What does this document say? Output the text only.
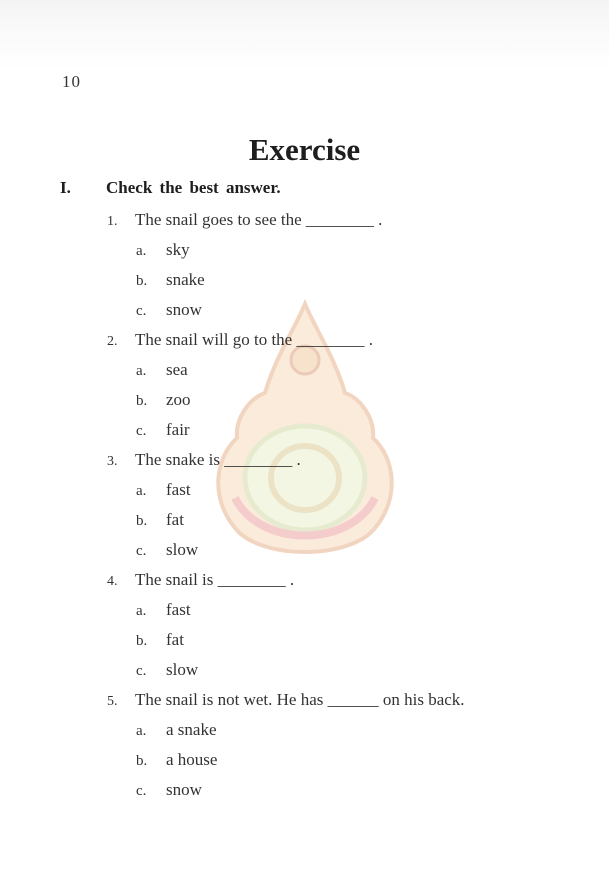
10
Exercise
I. Check the best answer.
1. The snail goes to see the ________ .
a. sky
b. snake
c. snow
2. The snail will go to the ________ .
a. sea
b. zoo
c. fair
3. The snake is ________ .
a. fast
b. fat
c. slow
4. The snail is ________ .
a. fast
b. fat
c. slow
5. The snail is not wet. He has ______ on his back.
a. a snake
b. a house
c. snow
